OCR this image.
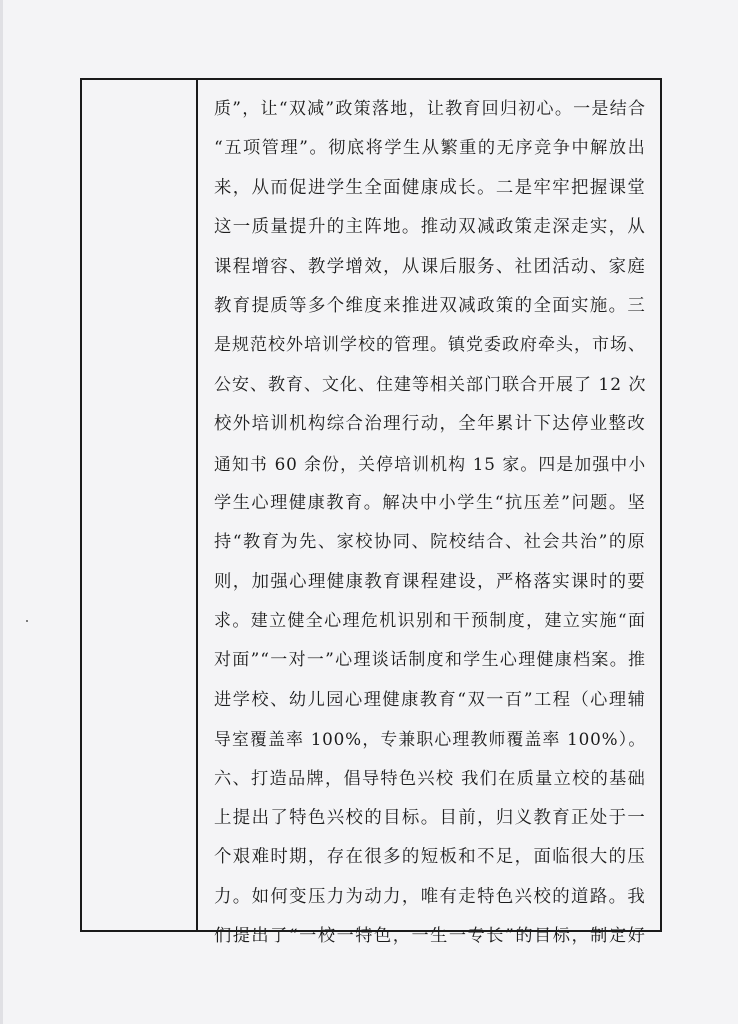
质”，让“双减”政策落地，让教育回归初心。一是结合
“五项管理”。彻底将学生从繁重的无序竞争中解放出
来，从而促进学生全面健康成长。二是牢牢把握课堂
这一质量提升的主阵地。推动双减政策走深走实，从
课程增容、教学增效，从课后服务、社团活动、家庭
教育提质等多个维度来推进双减政策的全面实施。三
是规范校外培训学校的管理。镇党委政府牵头，市场、
公安、教育、文化、住建等相关部门联合开展了 12 次
校外培训机构综合治理行动，全年累计下达停业整改
通知书 60 余份，关停培训机构 15 家。四是加强中小
学生心理健康教育。解决中小学生“抗压差”问题。坚
持“教育为先、家校协同、院校结合、社会共治”的原
则，加强心理健康教育课程建设，严格落实课时的要
求。建立健全心理危机识别和干预制度，建立实施“面
对面”“一对一”心理谈话制度和学生心理健康档案。推
进学校、幼儿园心理健康教育“双一百”工程（心理辅
导室覆盖率 100%，专兼职心理教师覆盖率 100%）。
六、打造品牌，倡导特色兴校 我们在质量立校的基础
上提出了特色兴校的目标。目前，归义教育正处于一
个艰难时期，存在很多的短板和不足，面临很大的压
力。如何变压力为动力，唯有走特色兴校的道路。我
们提出了“一校一特色，一生一专长”的目标，制定好
